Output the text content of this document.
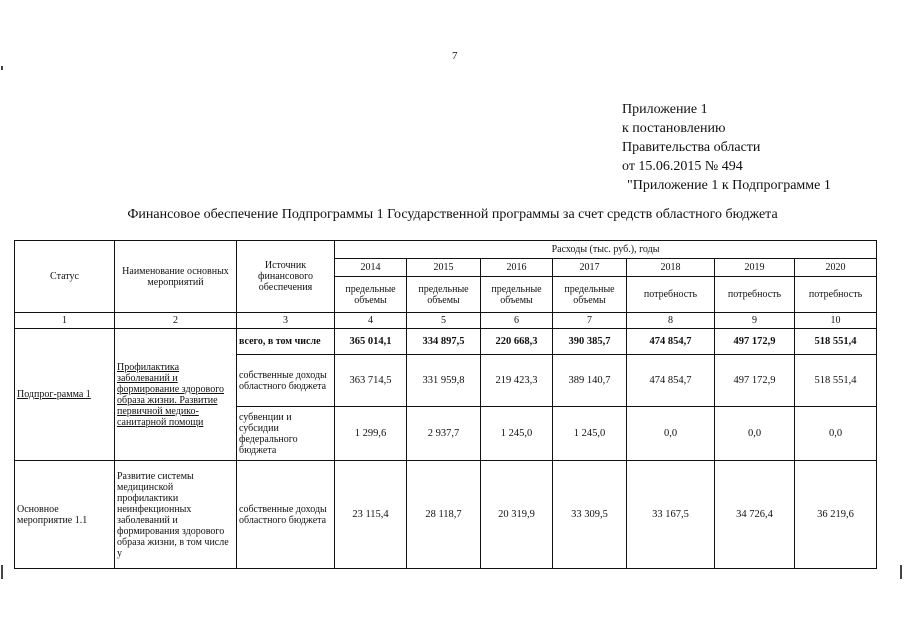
7
Приложение 1
к постановлению
Правительства области
от 15.06.2015 № 494
"Приложение 1 к Подпрограмме 1
Финансовое обеспечение Подпрограммы 1 Государственной программы за счет средств областного бюджета
Статус	Наименование основных мероприятий	Источник финансового обеспечения	Расходы (тыс. руб.), годы						
			2014	2015	2016	2017	2018	2019	2020
			предельные объемы	предельные объемы	предельные объемы	предельные объемы	потребность	потребность	потребность
1	2	3	4	5	6	7	8	9	10
Подпрог-рамма 1	Профилактика заболеваний и формирование здорового образа жизни. Развитие первичной медико-санитарной помощи	всего, в том числе	365 014,1	334 897,5	220 668,3	390 385,7	474 854,7	497 172,9	518 551,4
		собственные доходы областного бюджета	363 714,5	331 959,8	219 423,3	389 140,7	474 854,7	497 172,9	518 551,4
		субвенции и субсидии федерального бюджета	1 299,6	2 937,7	1 245,0	1 245,0	0,0	0,0	0,0
Основное мероприятие 1.1	Развитие системы медицинской профилактики неинфекционных заболеваний и формирования здорового образа жизни, в том числе у	собственные доходы областного бюджета	23 115,4	28 118,7	20 319,9	33 309,5	33 167,5	34 726,4	36 219,6
